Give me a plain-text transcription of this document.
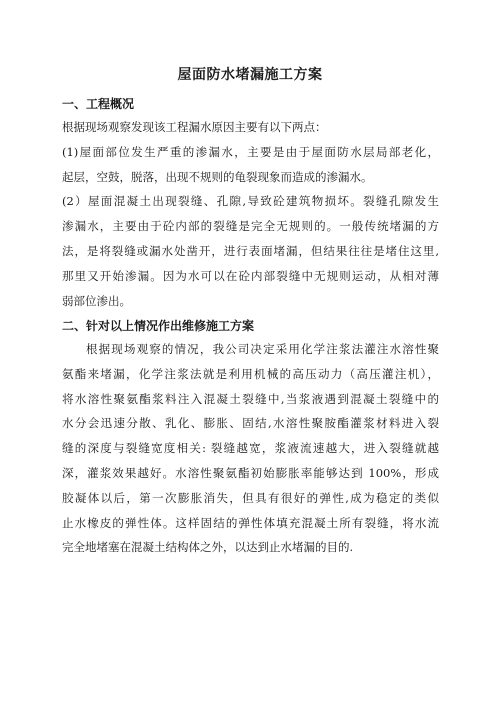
屋面防水堵漏施工方案
一、工程概况
根据现场观察发现该工程漏水原因主要有以下两点：
(1)屋面部位发生严重的渗漏水，主要是由于屋面防水层局部老化，
起层，空鼓，脱落，出现不规则的龟裂现象而造成的渗漏水。
(2）屋面混凝土出现裂缝、孔隙,导致砼建筑物损坏。裂缝孔隙发生
渗漏水，主要由于砼内部的裂缝是完全无规则的。一般传统堵漏的方
法，是将裂缝或漏水处凿开，进行表面堵漏，但结果往往是堵住这里,
那里又开始渗漏。因为水可以在砼内部裂缝中无规则运动，从相对薄
弱部位渗出。
二、针对以上情况作出维修施工方案
根据现场观察的情况，我公司决定采用化学注浆法灌注水溶性聚
氨酯来堵漏，化学注浆法就是利用机械的高压动力（高压灌注机），
将水溶性聚氨酯浆料注入混凝土裂缝中,当浆液遇到混凝土裂缝中的
水分会迅速分散、乳化、膨胀、固结,水溶性聚胺酯灌浆材料进入裂
缝的深度与裂缝宽度相关: 裂缝越宽，浆液流速越大，进入裂缝就越
深，灌浆效果越好。水溶性聚氨酯初始膨胀率能够达到 100%，形成
胶凝体以后，第一次膨胀消失，但具有很好的弹性,成为稳定的类似
止水橡皮的弹性体。这样固结的弹性体填充混凝土所有裂缝，将水流
完全地堵塞在混凝土结构体之外，以达到止水堵漏的目的.
